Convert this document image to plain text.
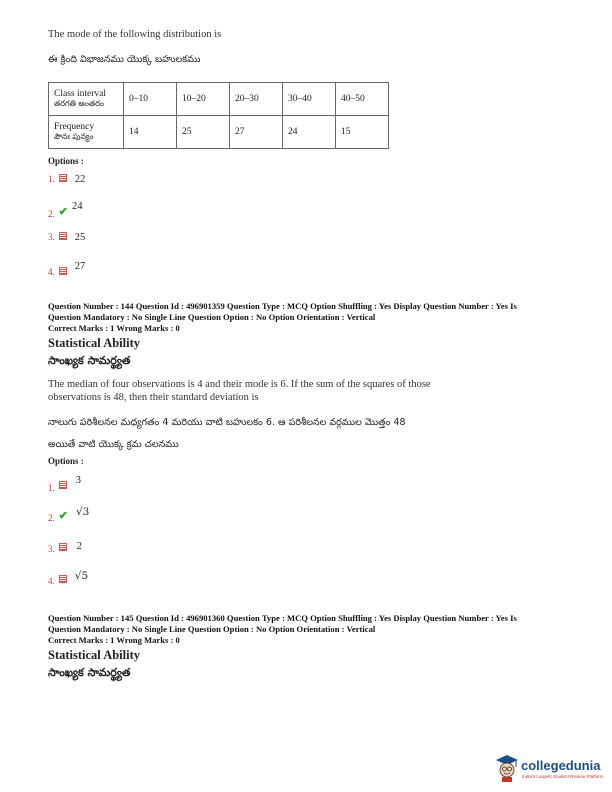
The mode of the following distribution is
ఈ క్రింది విభాజనము యొక్క బహులకము
Class interval
తరగతి అంతరం	0–10	10–20	20–30	30–40	40–50

Frequency
పౌనః పున్యం	14	25	27	24	15
Options :
1. 22
$_{2.}$ $_✔$ 24
3. 25
$_{4.}$ 27
Question Number : 144 Question Id : 496901359 Question Type : MCQ Option Shuffling : Yes Display Question Number : Yes Is
Question Mandatory : No Single Line Question Option : No Option Orientation : Vertical
Correct Marks : 1 Wrong Marks : 0
Statistical Ability
సాంఖ్యక సామర్థ్యత
The median of four observations is 4 and their mode is 6. If the sum of the squares of those
observations is 48, then their standard deviation is
నాలుగు పరిశీలనల మధ్యగతం 4 మరియు వాటి బహులకం 6. ఆ పరిశీలనల వర్గముల మొత్తం 48
అయితే వాటి యొక్క క్రమ చలనము
Options :
$_{1.}$  3
$_{2.}$ $_✔$ √3
3. 2
$_{4.}$ √5
Question Number : 145 Question Id : 496901360 Question Type : MCQ Option Shuffling : Yes Display Question Number : Yes Is
Question Mandatory : No Single Line Question Option : No Option Orientation : Vertical
Correct Marks : 1 Wrong Marks : 0
Statistical Ability
సాంఖ్యక సామర్థ్యత
collegedunia
India's Largest Student Review Platform
